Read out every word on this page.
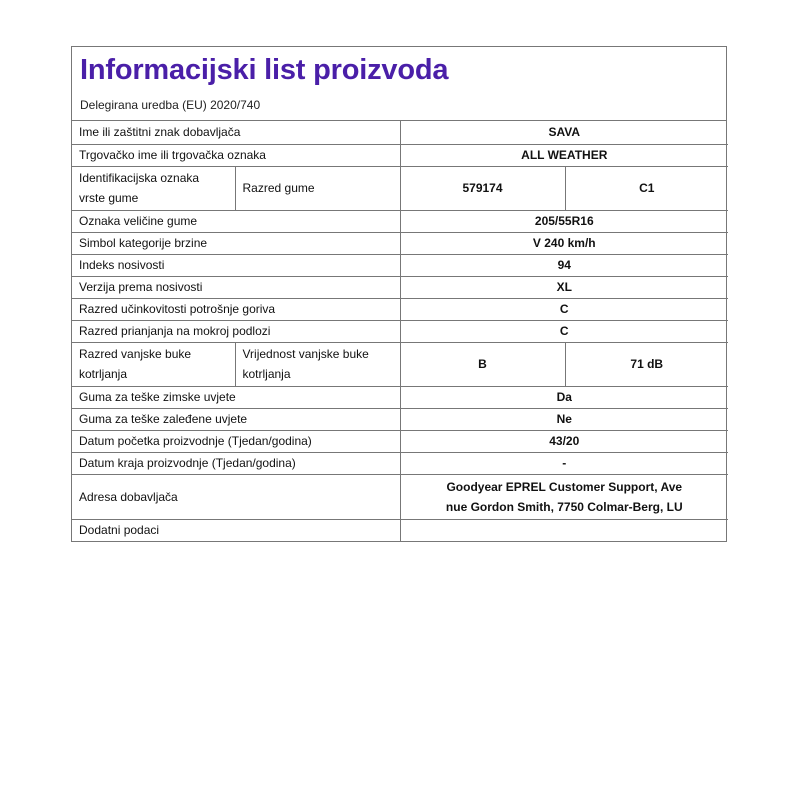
Informacijski list proizvoda
Delegirana uredba (EU) 2020/740
Ime ili zaštitni znak dobavljača		SAVA	
Trgovačko ime ili trgovačka oznaka		ALL WEATHER	
Identifikacijska oznaka vrste gume	Razred gume	579174	C1
Oznaka veličine gume		205/55R16	
Simbol kategorije brzine		V 240 km/h	
Indeks nosivosti		94	
Verzija prema nosivosti		XL	
Razred učinkovitosti potrošnje goriva		C	
Razred prianjanja na mokroj podlozi		C	
Razred vanjske buke kotrljanja	Vrijednost vanjske buke kotrljanja	B	71 dB
Guma za teške zimske uvjete		Da	
Guma za teške zaleđene uvjete		Ne	
Datum početka proizvodnje (Tjedan/godina)		43/20	
Datum kraja proizvodnje (Tjedan/godina)		-	
Adresa dobavljača		Goodyear EPREL Customer Support, Ave
nue Gordon Smith, 7750 Colmar-Berg, LU	

Dodatni podaci			
